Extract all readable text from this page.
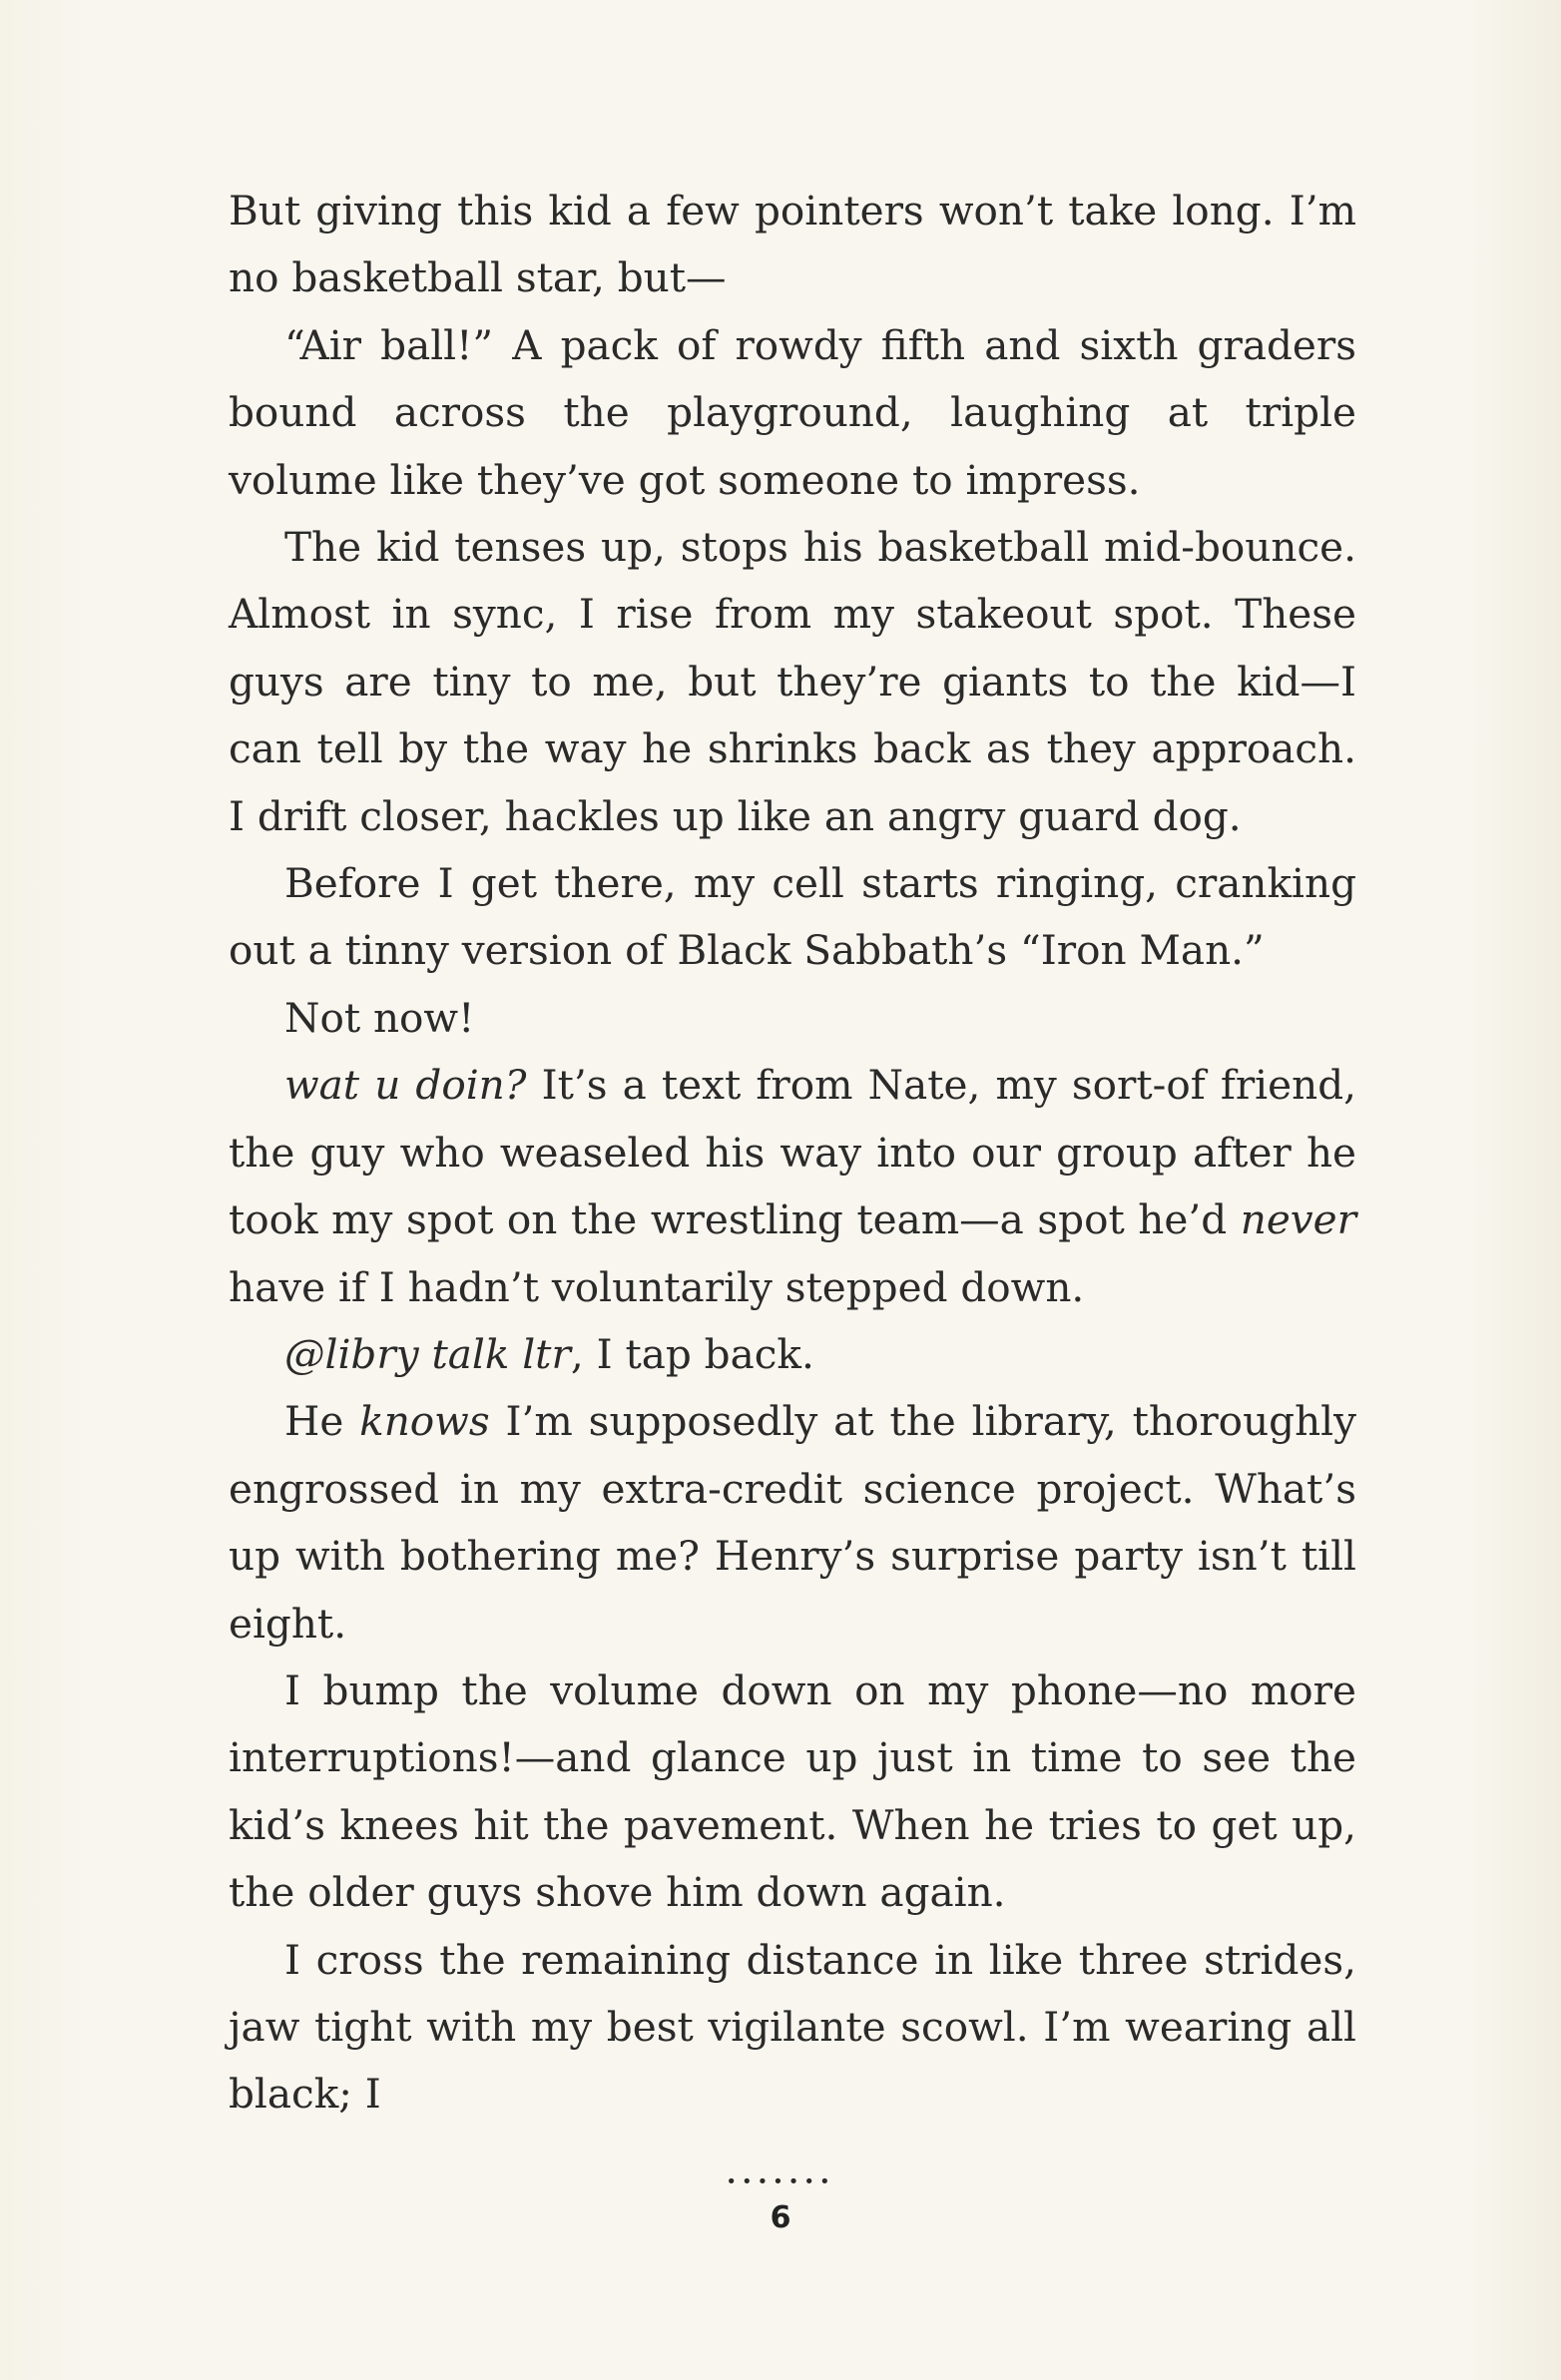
But giving this kid a few pointers won’t take long. I’m no basketball star, but—

“Air ball!” A pack of rowdy fifth and sixth graders bound across the playground, laughing at triple volume like they’ve got someone to impress.

The kid tenses up, stops his basketball mid-bounce. Almost in sync, I rise from my stakeout spot. These guys are tiny to me, but they’re giants to the kid—I can tell by the way he shrinks back as they approach. I drift closer, hackles up like an angry guard dog.

Before I get there, my cell starts ringing, cranking out a tinny version of Black Sabbath’s “Iron Man.”

Not now!

wat u doin? It’s a text from Nate, my sort-of friend, the guy who weaseled his way into our group after he took my spot on the wrestling team—a spot he’d never have if I hadn’t voluntarily stepped down.

@libry talk ltr, I tap back.

He knows I’m supposedly at the library, thoroughly engrossed in my extra-credit science project. What’s up with bothering me? Henry’s surprise party isn’t till eight.

I bump the volume down on my phone—no more interruptions!—and glance up just in time to see the kid’s knees hit the pavement. When he tries to get up, the older guys shove him down again.

I cross the remaining distance in like three strides, jaw tight with my best vigilante scowl. I’m wearing all black; I

•••••••
6
